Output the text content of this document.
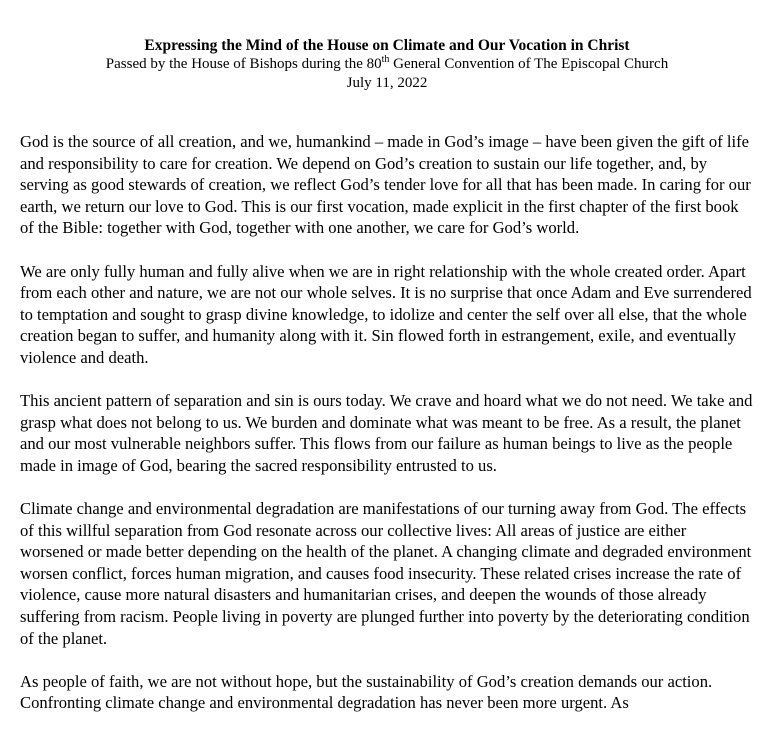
Expressing the Mind of the House on Climate and Our Vocation in Christ

Passed by the House of Bishops during the 80th General Convention of The Episcopal Church

July 11, 2022

God is the source of all creation, and we, humankind – made in God’s image – have been given the gift of life and responsibility to care for creation. We depend on God’s creation to sustain our life together, and, by serving as good stewards of creation, we reflect God’s tender love for all that has been made. In caring for our earth, we return our love to God. This is our first vocation, made explicit in the first chapter of the first book of the Bible: together with God, together with one another, we care for God’s world.

We are only fully human and fully alive when we are in right relationship with the whole created order. Apart from each other and nature, we are not our whole selves. It is no surprise that once Adam and Eve surrendered to temptation and sought to grasp divine knowledge, to idolize and center the self over all else, that the whole creation began to suffer, and humanity along with it. Sin flowed forth in estrangement, exile, and eventually violence and death.

This ancient pattern of separation and sin is ours today. We crave and hoard what we do not need. We take and grasp what does not belong to us. We burden and dominate what was meant to be free. As a result, the planet and our most vulnerable neighbors suffer. This flows from our failure as human beings to live as the people made in image of God, bearing the sacred responsibility entrusted to us.

Climate change and environmental degradation are manifestations of our turning away from God. The effects of this willful separation from God resonate across our collective lives: All areas of justice are either worsened or made better depending on the health of the planet. A changing climate and degraded environment worsen conflict, forces human migration, and causes food insecurity. These related crises increase the rate of violence, cause more natural disasters and humanitarian crises, and deepen the wounds of those already suffering from racism. People living in poverty are plunged further into poverty by the deteriorating condition of the planet.

As people of faith, we are not without hope, but the sustainability of God’s creation demands our action. Confronting climate change and environmental degradation has never been more urgent. As
